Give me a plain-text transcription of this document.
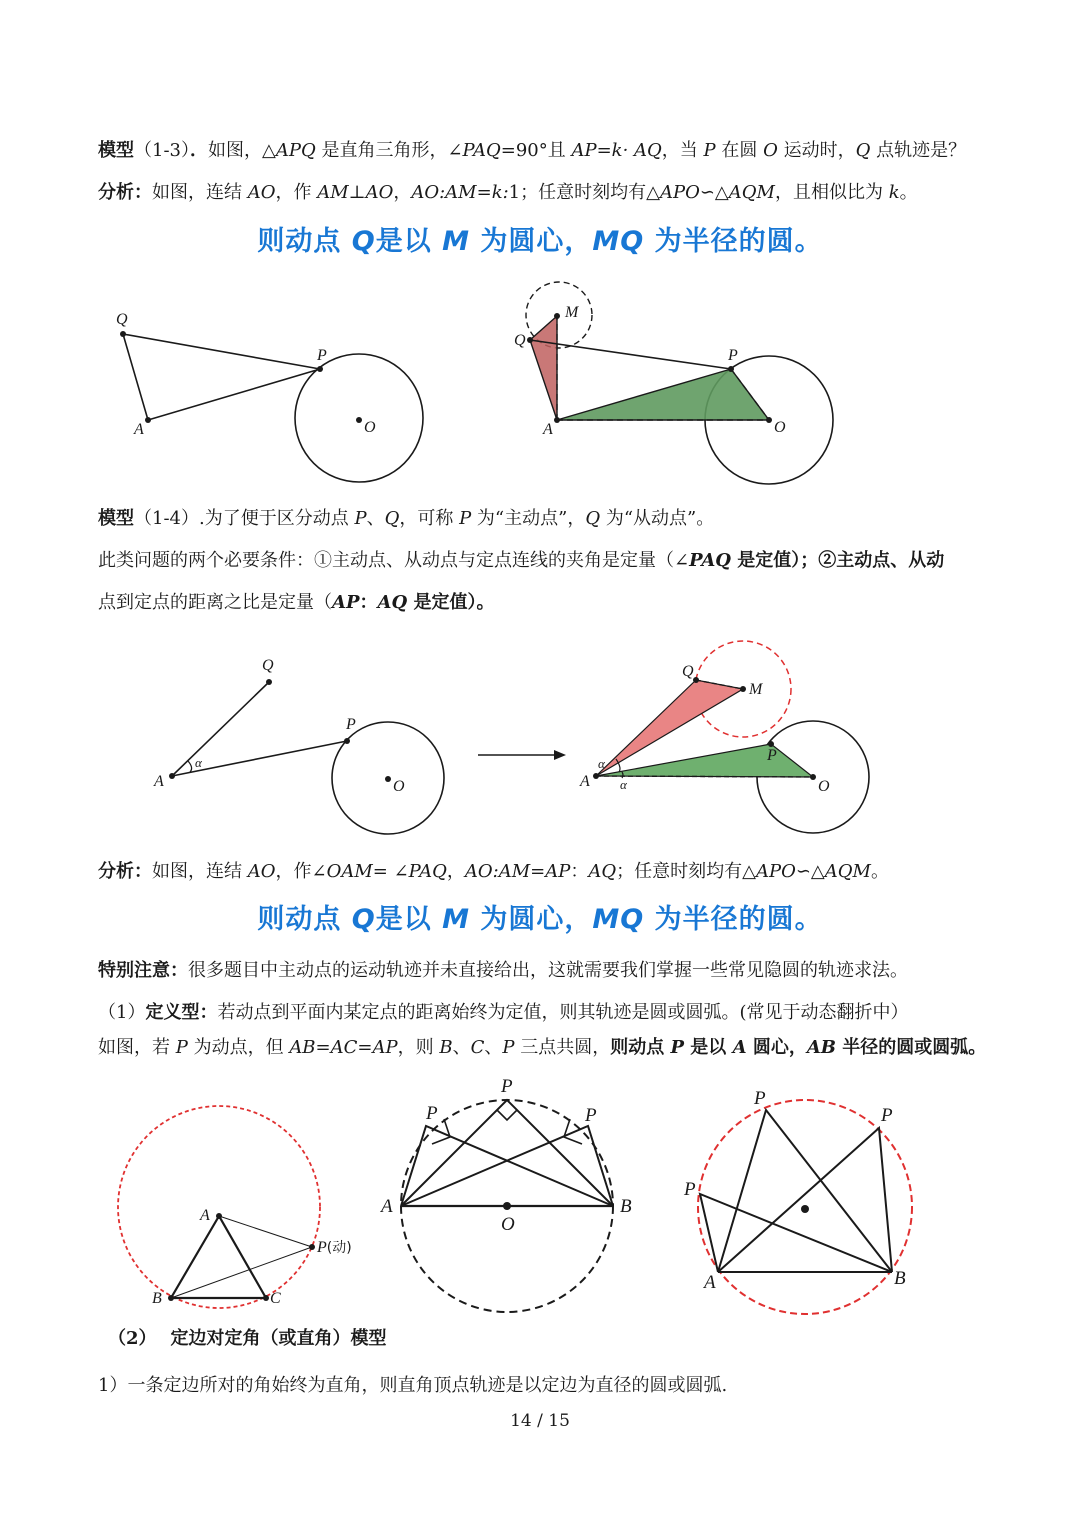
模型（1-3）．如图，△APQ 是直角三角形，∠PAQ=90°且 AP=k· AQ，当 P 在圆 O 运动时，Q 点轨迹是？
分析：如图，连结 AO，作 AM⊥AO，AO:AM=k:1；任意时刻均有△APO∽△AQM，且相似比为 k。
则动点 Q是以 M 为圆心，MQ 为半径的圆。
Q
P
A	O
M
Q
P
A	O
模型（1-4）.为了便于区分动点 P、Q，可称 P 为“主动点”，Q 为“从动点”。
此类问题的两个必要条件：①主动点、从动点与定点连线的夹角是定量（∠PAQ 是定值）；②主动点、从动
点到定点的距离之比是定量（AP：AQ 是定值）。
Q
P
A
α
O
Q
M
P
A
α
α	O
分析：如图，连结 AO，作∠OAM= ∠PAQ，AO:AM=AP：AQ；任意时刻均有△APO∽△AQM。
则动点 Q是以 M 为圆心，MQ 为半径的圆。
特别注意：很多题目中主动点的运动轨迹并未直接给出，这就需要我们掌握一些常见隐圆的轨迹求法。
（1）定义型：若动点到平面内某定点的距离始终为定值，则其轨迹是圆或圆弧。(常见于动态翻折中）
如图，若 P 为动点，但 AB=AC=AP，则 B、C、P 三点共圆，则动点 P 是以 A 圆心，AB 半径的圆或圆弧。
A
P(动)
B	C
P
P	P
A	B
O
P
P
P
A	B
（2） 定边对定角（或直角）模型
1）一条定边所对的角始终为直角，则直角顶点轨迹是以定边为直径的圆或圆弧.
14 / 15
